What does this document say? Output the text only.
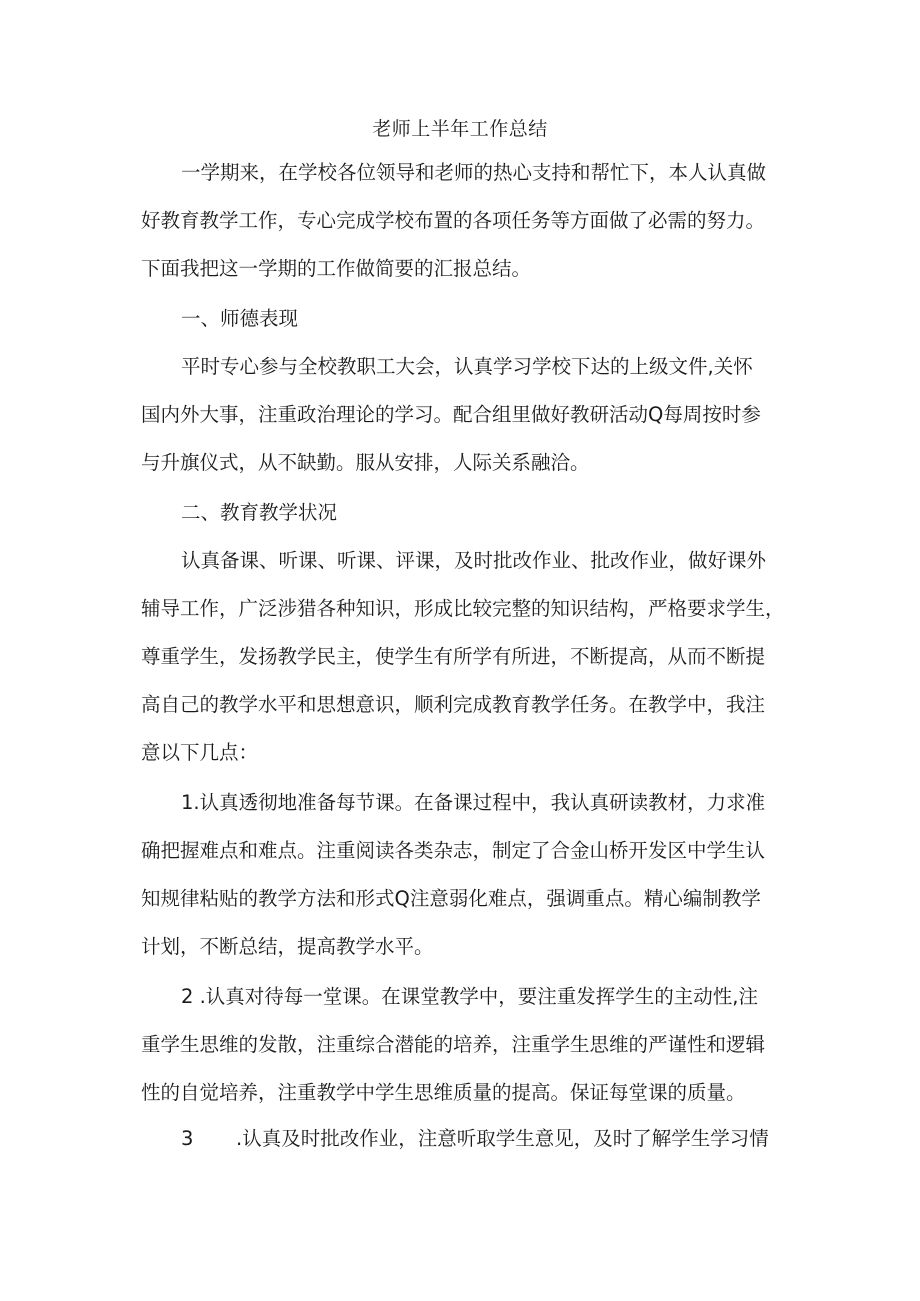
老师上半年工作总结
一学期来，在学校各位领导和老师的热心支持和帮忙下，本人认真做
好教育教学工作，专心完成学校布置的各项任务等方面做了必需的努力。
下面我把这一学期的工作做简要的汇报总结。
一、师德表现
平时专心参与全校教职工大会，认真学习学校下达的上级文件,关怀
国内外大事，注重政治理论的学习。配合组里做好教研活动Q每周按时参
与升旗仪式，从不缺勤。服从安排，人际关系融洽。
二、教育教学状况
认真备课、听课、听课、评课，及时批改作业、批改作业，做好课外
辅导工作，广泛涉猎各种知识，形成比较完整的知识结构，严格要求学生，
尊重学生，发扬教学民主，使学生有所学有所进，不断提高，从而不断提
高自己的教学水平和思想意识，顺利完成教育教学任务。在教学中，我注
意以下几点：
1.认真透彻地准备每节课。在备课过程中，我认真研读教材，力求准
确把握难点和难点。注重阅读各类杂志，制定了合金山桥开发区中学生认
知规律粘贴的教学方法和形式Q注意弱化难点，强调重点。精心编制教学
计划，不断总结，提高教学水平。
2 .认真对待每一堂课。在课堂教学中，要注重发挥学生的主动性,注
重学生思维的发散，注重综合潜能的培养，注重学生思维的严谨性和逻辑
性的自觉培养，注重教学中学生思维质量的提高。保证每堂课的质量。
3 .认真及时批改作业，注意听取学生意见，及时了解学生学习情
